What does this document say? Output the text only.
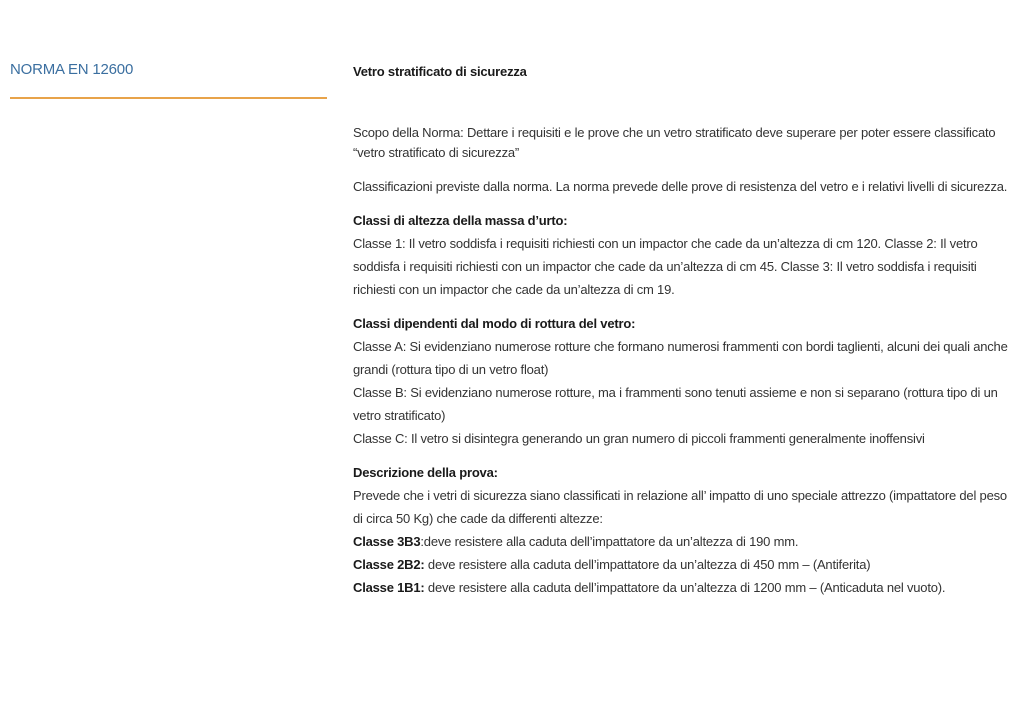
NORMA EN 12600	Vetro stratificato di sicurezza

Scopo della Norma: Dettare i requisiti e le prove che un vetro stratificato deve superare per poter essere classificato “vetro stratificato di sicurezza”

Classificazioni previste dalla norma. La norma prevede delle prove di resistenza del vetro e i relativi livelli di sicurezza.

Classi di altezza della massa d’urto:

Classe 1: Il vetro soddisfa i requisiti richiesti con un impactor che cade da un’altezza di cm 120. Classe 2: Il vetro soddisfa i requisiti richiesti con un impactor che cade da un’altezza di cm 45. Classe 3: Il vetro soddisfa i requisiti richiesti con un impactor che cade da un’altezza di cm 19.

Classi dipendenti dal modo di rottura del vetro:
Classe A: Si evidenziano numerose rotture che formano numerosi frammenti con bordi taglienti, alcuni dei quali anche grandi (rottura tipo di un vetro float)
Classe B: Si evidenziano numerose rotture, ma i frammenti sono tenuti assieme e non si separano (rottura tipo di un vetro stratificato)
Classe C: Il vetro si disintegra generando un gran numero di piccoli frammenti generalmente inoffensivi
Descrizione della prova:
Prevede che i vetri di sicurezza siano classificati in relazione all’ impatto di uno speciale attrezzo (impattatore del peso di circa 50 Kg) che cade da differenti altezze:
Classe 3B3:deve resistere alla caduta dell’impattatore da un’altezza di 190 mm.
Classe 2B2: deve resistere alla caduta dell’impattatore da un’altezza di 450 mm – (Antiferita)
Classe 1B1: deve resistere alla caduta dell’impattatore da un’altezza di 1200 mm – (Anticaduta nel vuoto).
